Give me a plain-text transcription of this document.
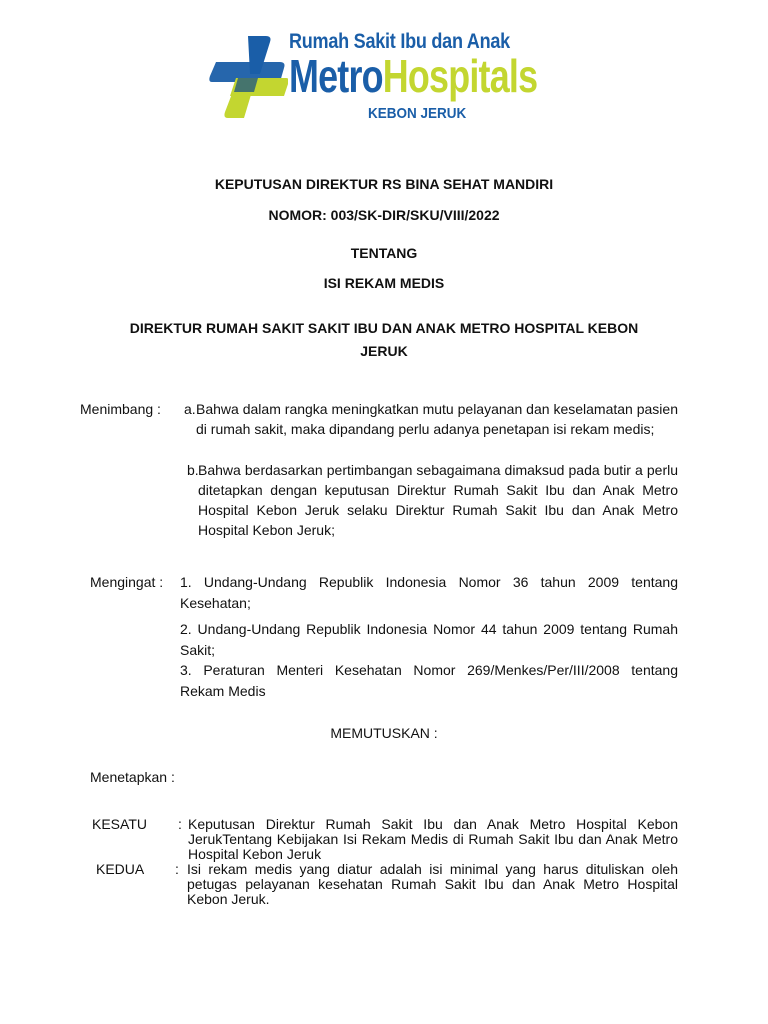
Rumah Sakit Ibu dan Anak
MetroHospitals
KEBON JERUK
KEPUTUSAN DIREKTUR RS BINA SEHAT MANDIRI
NOMOR: 003/SK-DIR/SKU/VIII/2022
TENTANG
ISI REKAM MEDIS
DIREKTUR RUMAH SAKIT SAKIT IBU DAN ANAK METRO HOSPITAL KEBON
JERUK
Menimbang : a. Bahwa dalam rangka meningkatkan mutu pelayanan dan keselamatan pasien di rumah sakit, maka dipandang perlu adanya penetapan isi rekam medis;
b. Bahwa berdasarkan pertimbangan sebagaimana dimaksud pada butir a perlu ditetapkan dengan keputusan Direktur Rumah Sakit Ibu dan Anak Metro Hospital Kebon Jeruk selaku Direktur Rumah Sakit Ibu dan Anak Metro Hospital Kebon Jeruk;
Mengingat : 1. Undang-Undang Republik Indonesia Nomor 36 tahun 2009 tentang Kesehatan;
2. Undang-Undang Republik Indonesia Nomor 44 tahun 2009 tentang Rumah Sakit;
3. Peraturan Menteri Kesehatan Nomor 269/Menkes/Per/III/2008 tentang Rekam Medis
MEMUTUSKAN :
Menetapkan :
KESATU : Keputusan Direktur Rumah Sakit Ibu dan Anak Metro Hospital Kebon JerukTentang Kebijakan Isi Rekam Medis di Rumah Sakit Ibu dan Anak Metro Hospital Kebon Jeruk
KEDUA : Isi rekam medis yang diatur adalah isi minimal yang harus dituliskan oleh petugas pelayanan kesehatan Rumah Sakit Ibu dan Anak Metro Hospital Kebon Jeruk.
